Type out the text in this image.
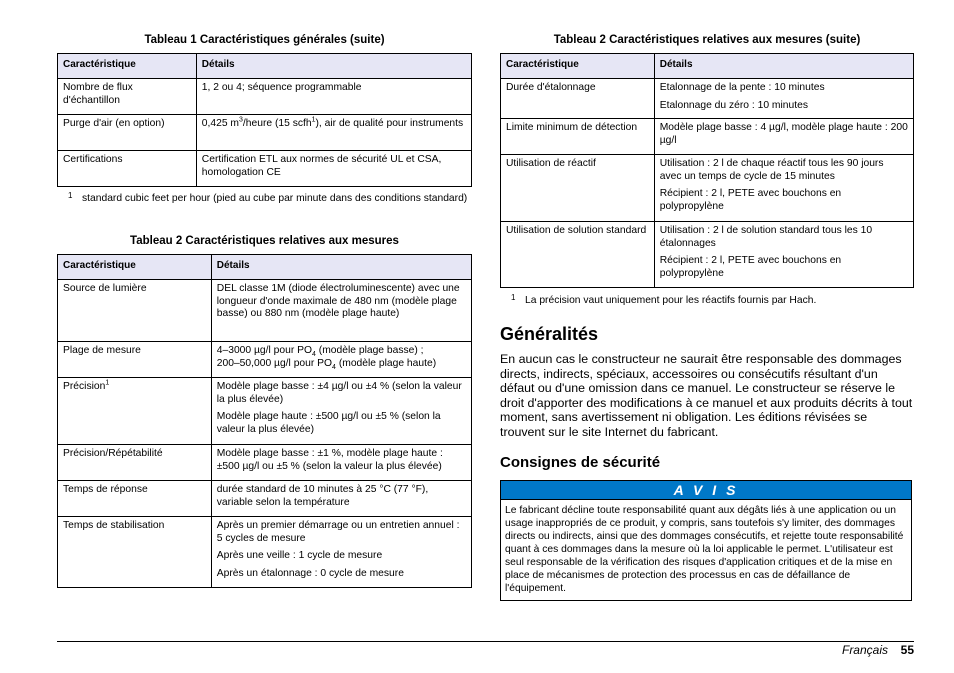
Tableau 1 Caractéristiques générales (suite)
Caractéristique	Détails
Nombre de flux d'échantillon	1, 2 ou 4; séquence programmable
Purge d'air (en option)	0,425 $m^3$/heure (15 scfh$^1$), air de qualité pour instruments
Certifications	Certification ETL aux normes de sécurité UL et CSA, homologation CE
1 standard cubic feet per hour (pied au cube par minute dans des conditions standard)
Tableau 2 Caractéristiques relatives aux mesures
Caractéristique	Détails
Source de lumière	DEL classe 1M (diode électroluminescente) avec une longueur d'onde maximale de 480 nm (modèle plage basse) ou 880 nm (modèle plage haute)
Plage de mesure	4–3000 µg/l pour $PO_4$ (modèle plage basse) ;
200–50,000 µg/l pour $PO_4$ (modèle plage haute)
Précision$^1$	Modèle plage basse : ±4 µg/l ou ±4 % (selon la valeur la plus élevée)

Modèle plage haute : ±500 µg/l ou ±5 % (selon la valeur la plus élevée)

Précision/Répétabilité	Modèle plage basse : ±1 %, modèle plage haute : ±500 µg/l ou ±5 % (selon la valeur la plus élevée)
Temps de réponse	durée standard de 10 minutes à 25 °C (77 °F), variable selon la température
Temps de stabilisation	Après un premier démarrage ou un entretien annuel : 5 cycles de mesure

Après une veille : 1 cycle de mesure

Après un étalonnage : 0 cycle de mesure

Tableau 2 Caractéristiques relatives aux mesures (suite)
Caractéristique	Détails
Durée d'étalonnage	Etalonnage de la pente : 10 minutes

Etalonnage du zéro : 10 minutes

Limite minimum de détection	Modèle plage basse : 4 µg/l, modèle plage haute : 200 µg/l
Utilisation de réactif	Utilisation : 2 l de chaque réactif tous les 90 jours avec un temps de cycle de 15 minutes

Récipient : 2 l, PETE avec bouchons en polypropylène

Utilisation de solution standard	Utilisation : 2 l de solution standard tous les 10 étalonnages

Récipient : 2 l, PETE avec bouchons en polypropylène

1 La précision vaut uniquement pour les réactifs fournis par Hach.
Généralités

En aucun cas le constructeur ne saurait être responsable des dommages directs, indirects, spéciaux, accessoires ou consécutifs résultant d'un défaut ou d'une omission dans ce manuel. Le constructeur se réserve le droit d'apporter des modifications à ce manuel et aux produits décrits à tout moment, sans avertissement ni obligation. Les éditions révisées se trouvent sur le site Internet du fabricant.

Consignes de sécurité
A V I S
Le fabricant décline toute responsabilité quant aux dégâts liés à une application ou un usage inappropriés de ce produit, y compris, sans toutefois s'y limiter, des dommages directs ou indirects, ainsi que des dommages consécutifs, et rejette toute responsabilité quant à ces dommages dans la mesure où la loi applicable le permet. L'utilisateur est seul responsable de la vérification des risques d'application critiques et de la mise en place de mécanismes de protection des processus en cas de défaillance de l'équipement.
Français 55
